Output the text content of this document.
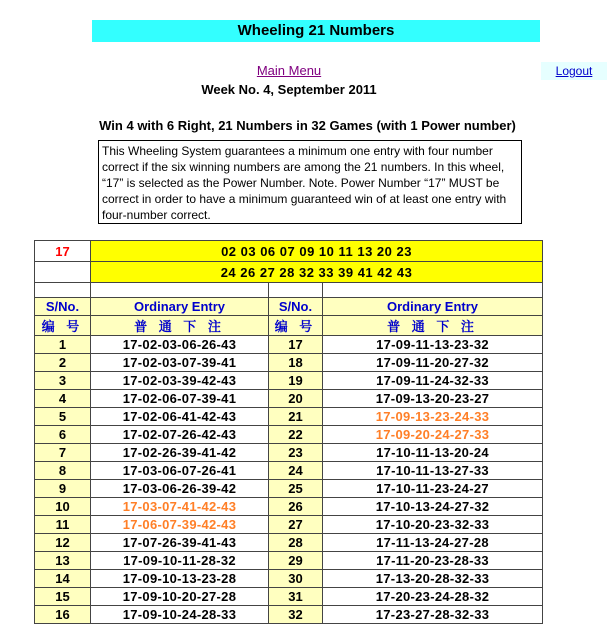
Wheeling 21 Numbers
Main Menu	Logout
Week No. 4, September 2011
Win 4 with 6 Right, 21 Numbers in 32 Games (with 1 Power number)
This Wheeling System guarantees a minimum one entry with four number correct if the six winning numbers are among the 21 numbers. In this wheel, “17” is selected as the Power Number. Note. Power Number “17” MUST be correct in order to have a minimum guaranteed win of at least one entry with four-number correct.
17	02 03 06 07 09 10 11 13 20 23		
	24 26 27 28 32 33 39 41 42 43		

S/No.	Ordinary Entry	S/No.	Ordinary Entry
编 号	普 通 下 注	编 号	普 通 下 注
1	17-02-03-06-26-43	17	17-09-11-13-23-32
2	17-02-03-07-39-41	18	17-09-11-20-27-32
3	17-02-03-39-42-43	19	17-09-11-24-32-33
4	17-02-06-07-39-41	20	17-09-13-20-23-27
5	17-02-06-41-42-43	21	17-09-13-23-24-33
6	17-02-07-26-42-43	22	17-09-20-24-27-33
7	17-02-26-39-41-42	23	17-10-11-13-20-24
8	17-03-06-07-26-41	24	17-10-11-13-27-33
9	17-03-06-26-39-42	25	17-10-11-23-24-27
10	17-03-07-41-42-43	26	17-10-13-24-27-32
11	17-06-07-39-42-43	27	17-10-20-23-32-33
12	17-07-26-39-41-43	28	17-11-13-24-27-28
13	17-09-10-11-28-32	29	17-11-20-23-28-33
14	17-09-10-13-23-28	30	17-13-20-28-32-33
15	17-09-10-20-27-28	31	17-20-23-24-28-32
16	17-09-10-24-28-33	32	17-23-27-28-32-33
